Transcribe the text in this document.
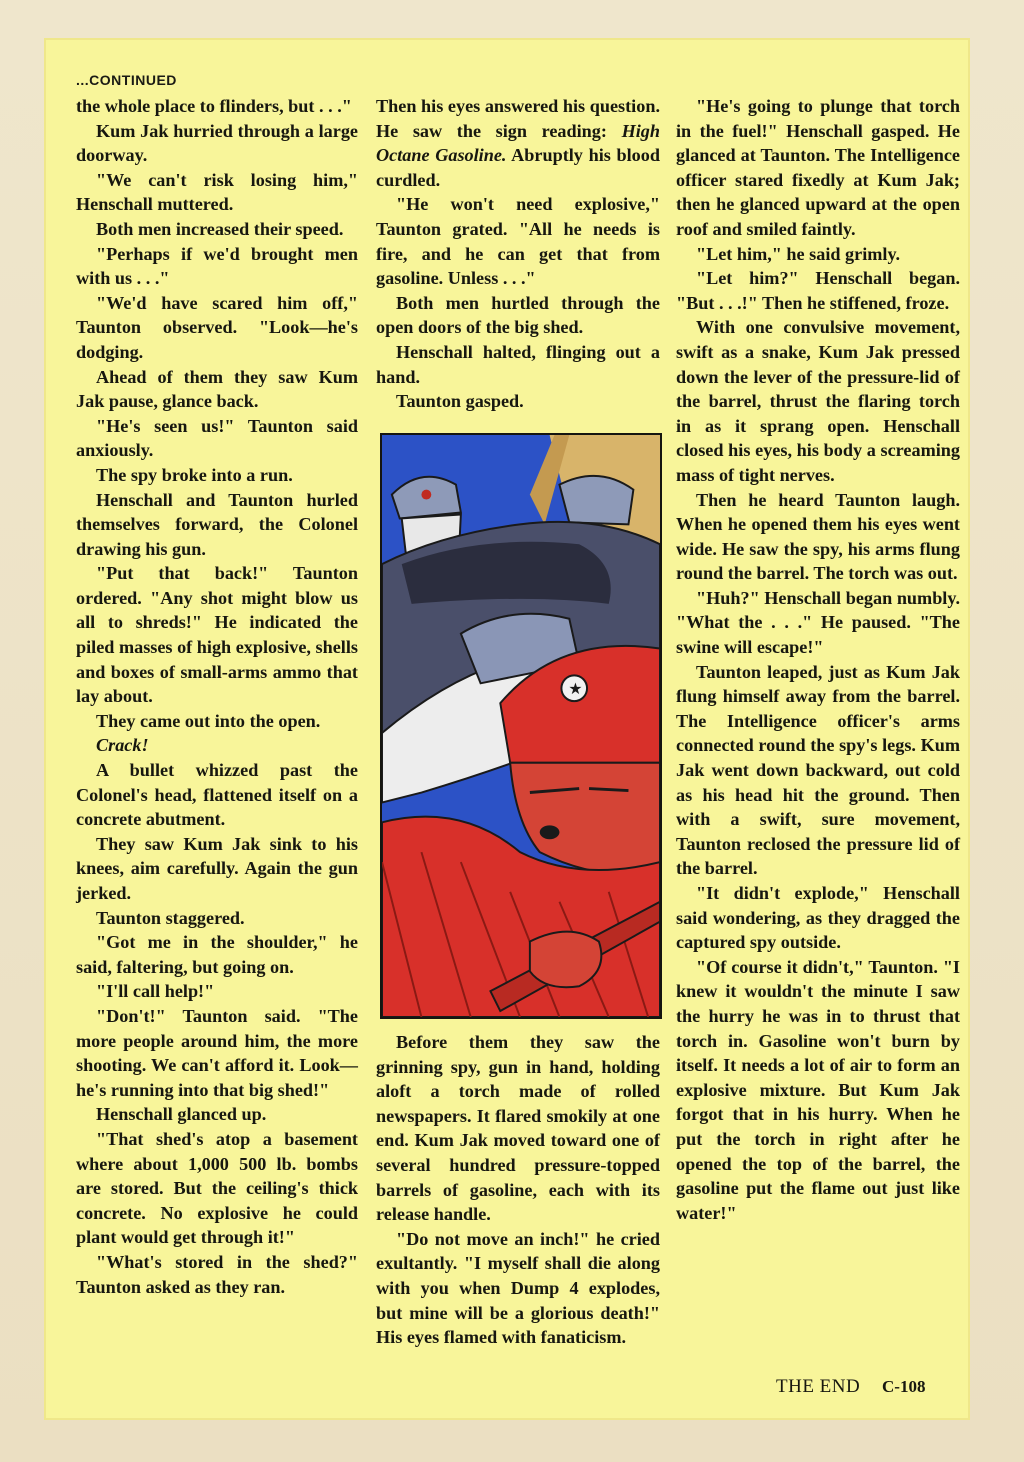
...CONTINUED

the whole place to flinders, but . . ."

Kum Jak hurried through a large doorway.

"We can't risk losing him," Henschall muttered.

Both men increased their speed.

"Perhaps if we'd brought men with us . . ."

"We'd have scared him off," Taunton observed. "Look—he's dodging.

Ahead of them they saw Kum Jak pause, glance back.

"He's seen us!" Taunton said anxiously.

The spy broke into a run.

Henschall and Taunton hurled themselves forward, the Colonel drawing his gun.

"Put that back!" Taunton ordered. "Any shot might blow us all to shreds!" He indicated the piled masses of high explosive, shells and boxes of small-arms ammo that lay about.

They came out into the open.

Crack!

A bullet whizzed past the Colonel's head, flattened itself on a concrete abutment.

They saw Kum Jak sink to his knees, aim carefully. Again the gun jerked.

Taunton staggered.

"Got me in the shoulder," he said, faltering, but going on.

"I'll call help!"

"Don't!" Taunton said. "The more people around him, the more shooting. We can't afford it. Look—he's running into that big shed!"

Henschall glanced up.

"That shed's atop a basement where about 1,000 500 lb. bombs are stored. But the ceiling's thick concrete. No explosive he could plant would get through it!"

"What's stored in the shed?" Taunton asked as they ran.

Then his eyes answered his question. He saw the sign reading: High Octane Gasoline. Abruptly his blood curdled.

"He won't need explosive," Taunton grated. "All he needs is fire, and he can get that from gasoline. Unless . . ."

Both men hurtled through the open doors of the big shed.

Henschall halted, flinging out a hand.

Taunton gasped.

★

Before them they saw the grinning spy, gun in hand, holding aloft a torch made of rolled newspapers. It flared smokily at one end. Kum Jak moved toward one of several hundred pressure-topped barrels of gasoline, each with its release handle.

"Do not move an inch!" he cried exultantly. "I myself shall die along with you when Dump 4 explodes, but mine will be a glorious death!" His eyes flamed with fanaticism.

"He's going to plunge that torch in the fuel!" Henschall gasped. He glanced at Taunton. The Intelligence officer stared fixedly at Kum Jak; then he glanced upward at the open roof and smiled faintly.

"Let him," he said grimly.

"Let him?" Henschall began. "But . . .!" Then he stiffened, froze.

With one convulsive movement, swift as a snake, Kum Jak pressed down the lever of the pressure-lid of the barrel, thrust the flaring torch in as it sprang open. Henschall closed his eyes, his body a screaming mass of tight nerves.

Then he heard Taunton laugh. When he opened them his eyes went wide. He saw the spy, his arms flung round the barrel. The torch was out.

"Huh?" Henschall began numbly. "What the . . ." He paused. "The swine will escape!"

Taunton leaped, just as Kum Jak flung himself away from the barrel. The Intelligence officer's arms connected round the spy's legs. Kum Jak went down backward, out cold as his head hit the ground. Then with a swift, sure movement, Taunton reclosed the pressure lid of the barrel.

"It didn't explode," Henschall said wondering, as they dragged the captured spy outside.

"Of course it didn't," Taunton. "I knew it wouldn't the minute I saw the hurry he was in to thrust that torch in. Gasoline won't burn by itself. It needs a lot of air to form an explosive mixture. But Kum Jak forgot that in his hurry. When he put the torch in right after he opened the top of the barrel, the gasoline put the flame out just like water!"

THE END C-108
